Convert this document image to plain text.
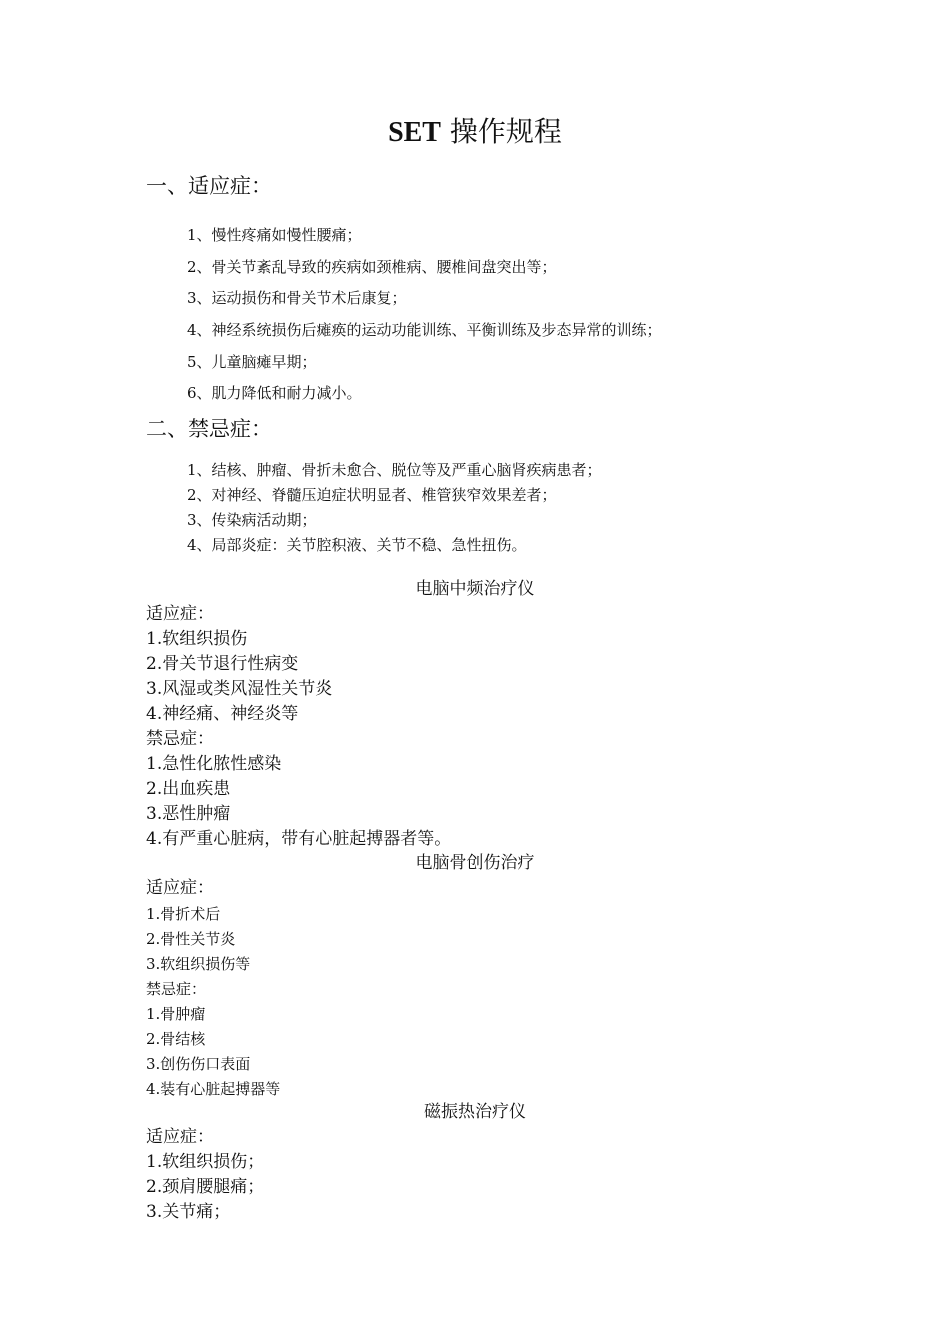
SET 操作规程
一、适应症：
1、慢性疼痛如慢性腰痛；
2、骨关节紊乱导致的疾病如颈椎病、腰椎间盘突出等；
3、运动损伤和骨关节术后康复；
4、神经系统损伤后瘫痪的运动功能训练、平衡训练及步态异常的训练；
5、儿童脑瘫早期；
6、肌力降低和耐力减小。
二、禁忌症：
1、结核、肿瘤、骨折未愈合、脱位等及严重心脑肾疾病患者；
2、对神经、脊髓压迫症状明显者、椎管狭窄效果差者；
3、传染病活动期；
4、局部炎症：关节腔积液、关节不稳、急性扭伤。
电脑中频治疗仪
适应症：
1.软组织损伤
2.骨关节退行性病变
3.风湿或类风湿性关节炎
4.神经痛、神经炎等
禁忌症：
1.急性化脓性感染
2.出血疾患
3.恶性肿瘤
4.有严重心脏病，带有心脏起搏器者等。
电脑骨创伤治疗
适应症：
1.骨折术后
2.骨性关节炎
3.软组织损伤等
禁忌症：
1.骨肿瘤
2.骨结核
3.创伤伤口表面
4.装有心脏起搏器等
磁振热治疗仪
适应症：
1.软组织损伤；
2.颈肩腰腿痛；
3.关节痛；
